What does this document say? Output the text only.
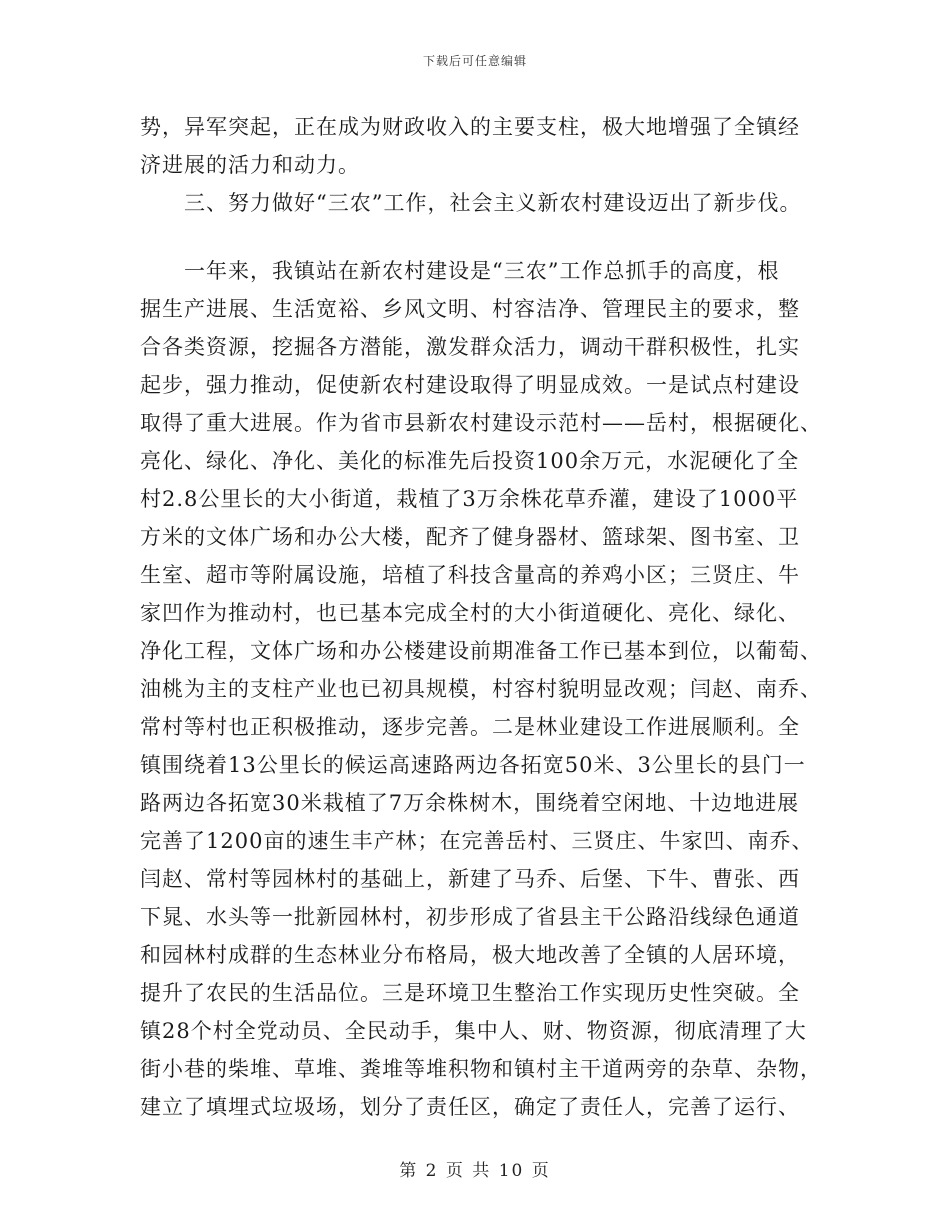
下载后可任意编辑
势，异军突起，正在成为财政收入的主要支柱，极大地增强了全镇经
济进展的活力和动力。
三、努力做好“三农”工作，社会主义新农村建设迈出了新步伐。
一年来，我镇站在新农村建设是“三农”工作总抓手的高度，根
据生产进展、生活宽裕、乡风文明、村容洁净、管理民主的要求，整
合各类资源，挖掘各方潜能，激发群众活力，调动干群积极性，扎实
起步，强力推动，促使新农村建设取得了明显成效。一是试点村建设
取得了重大进展。作为省市县新农村建设示范村——岳村，根据硬化、
亮化、绿化、净化、美化的标准先后投资100余万元，水泥硬化了全
村2.8公里长的大小街道，栽植了3万余株花草乔灌，建设了1000平
方米的文体广场和办公大楼，配齐了健身器材、篮球架、图书室、卫
生室、超市等附属设施，培植了科技含量高的养鸡小区；三贤庄、牛
家凹作为推动村，也已基本完成全村的大小街道硬化、亮化、绿化、
净化工程，文体广场和办公楼建设前期准备工作已基本到位，以葡萄、
油桃为主的支柱产业也已初具规模，村容村貌明显改观；闫赵、南乔、
常村等村也正积极推动，逐步完善。二是林业建设工作进展顺利。全
镇围绕着13公里长的候运高速路两边各拓宽50米、3公里长的县门一
路两边各拓宽30米栽植了7万余株树木，围绕着空闲地、十边地进展
完善了1200亩的速生丰产林；在完善岳村、三贤庄、牛家凹、南乔、
闫赵、常村等园林村的基础上，新建了马乔、后堡、下牛、曹张、西
下晁、水头等一批新园林村，初步形成了省县主干公路沿线绿色通道
和园林村成群的生态林业分布格局，极大地改善了全镇的人居环境，
提升了农民的生活品位。三是环境卫生整治工作实现历史性突破。全
镇28个村全党动员、全民动手，集中人、财、物资源，彻底清理了大
街小巷的柴堆、草堆、粪堆等堆积物和镇村主干道两旁的杂草、杂物，
建立了填埋式垃圾场，划分了责任区，确定了责任人，完善了运行、
第 2 页 共 10 页
